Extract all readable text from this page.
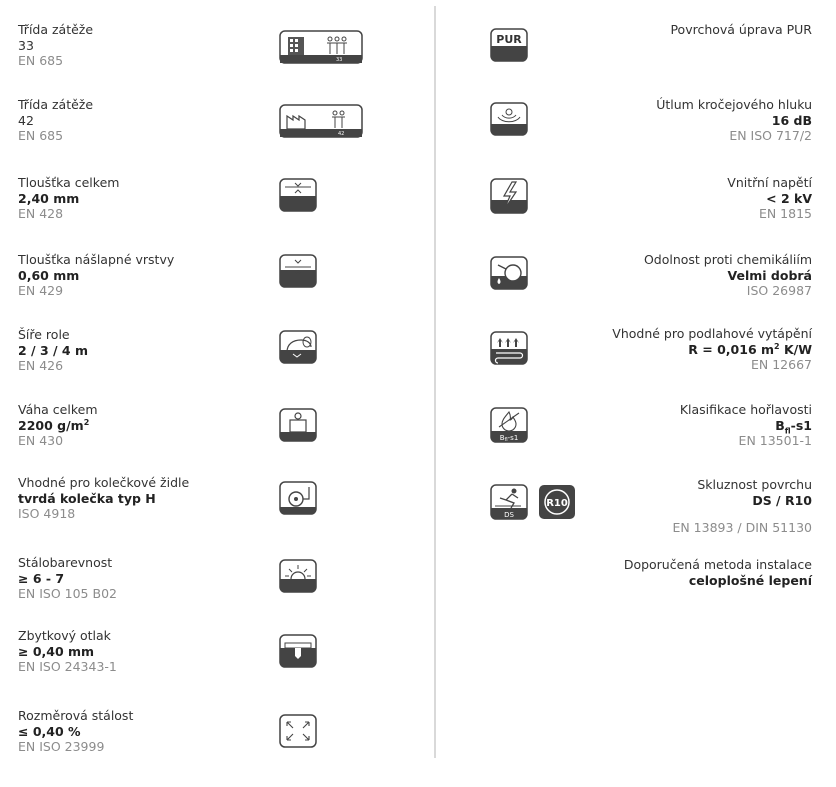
Třída zátěže
33
EN 685	33
Třída zátěže
42
EN 685	42
Tloušťka celkem
2,40 mm
EN 428
Tloušťka nášlapné vrstvy
0,60 mm
EN 429
Šíře role
2 / 3 / 4 m
EN 426
Váha celkem
2200 $g/m^2$
EN 430
Vhodné pro kolečkové židle
tvrdá kolečka typ H
ISO 4918
Stálobarevnost
≥ 6 - 7
EN ISO 105 B02
Zbytkový otlak
≥ 0,40 mm
EN ISO 24343-1
Rozměrová stálost
≤ 0,40 %
EN ISO 23999
Povrchová úprava PUR
PUR
Útlum kročejového hluku
16 dB
EN ISO 717/2
Vnitřní napětí
< 2 kV
EN 1815
Odolnost proti chemikáliím
Velmi dobrá
ISO 26987
Vhodné pro podlahové vytápění
R = 0,016 $m^2$ K/W
EN 12667
Klasifikace hořlavosti
$B_{fl}-s1$
EN 13501-1
Bfl-s1
Skluznost povrchu
DS / R10
EN 13893 / DIN 51130
DS
R10
Doporučená metoda instalace
celoplošné lepení
